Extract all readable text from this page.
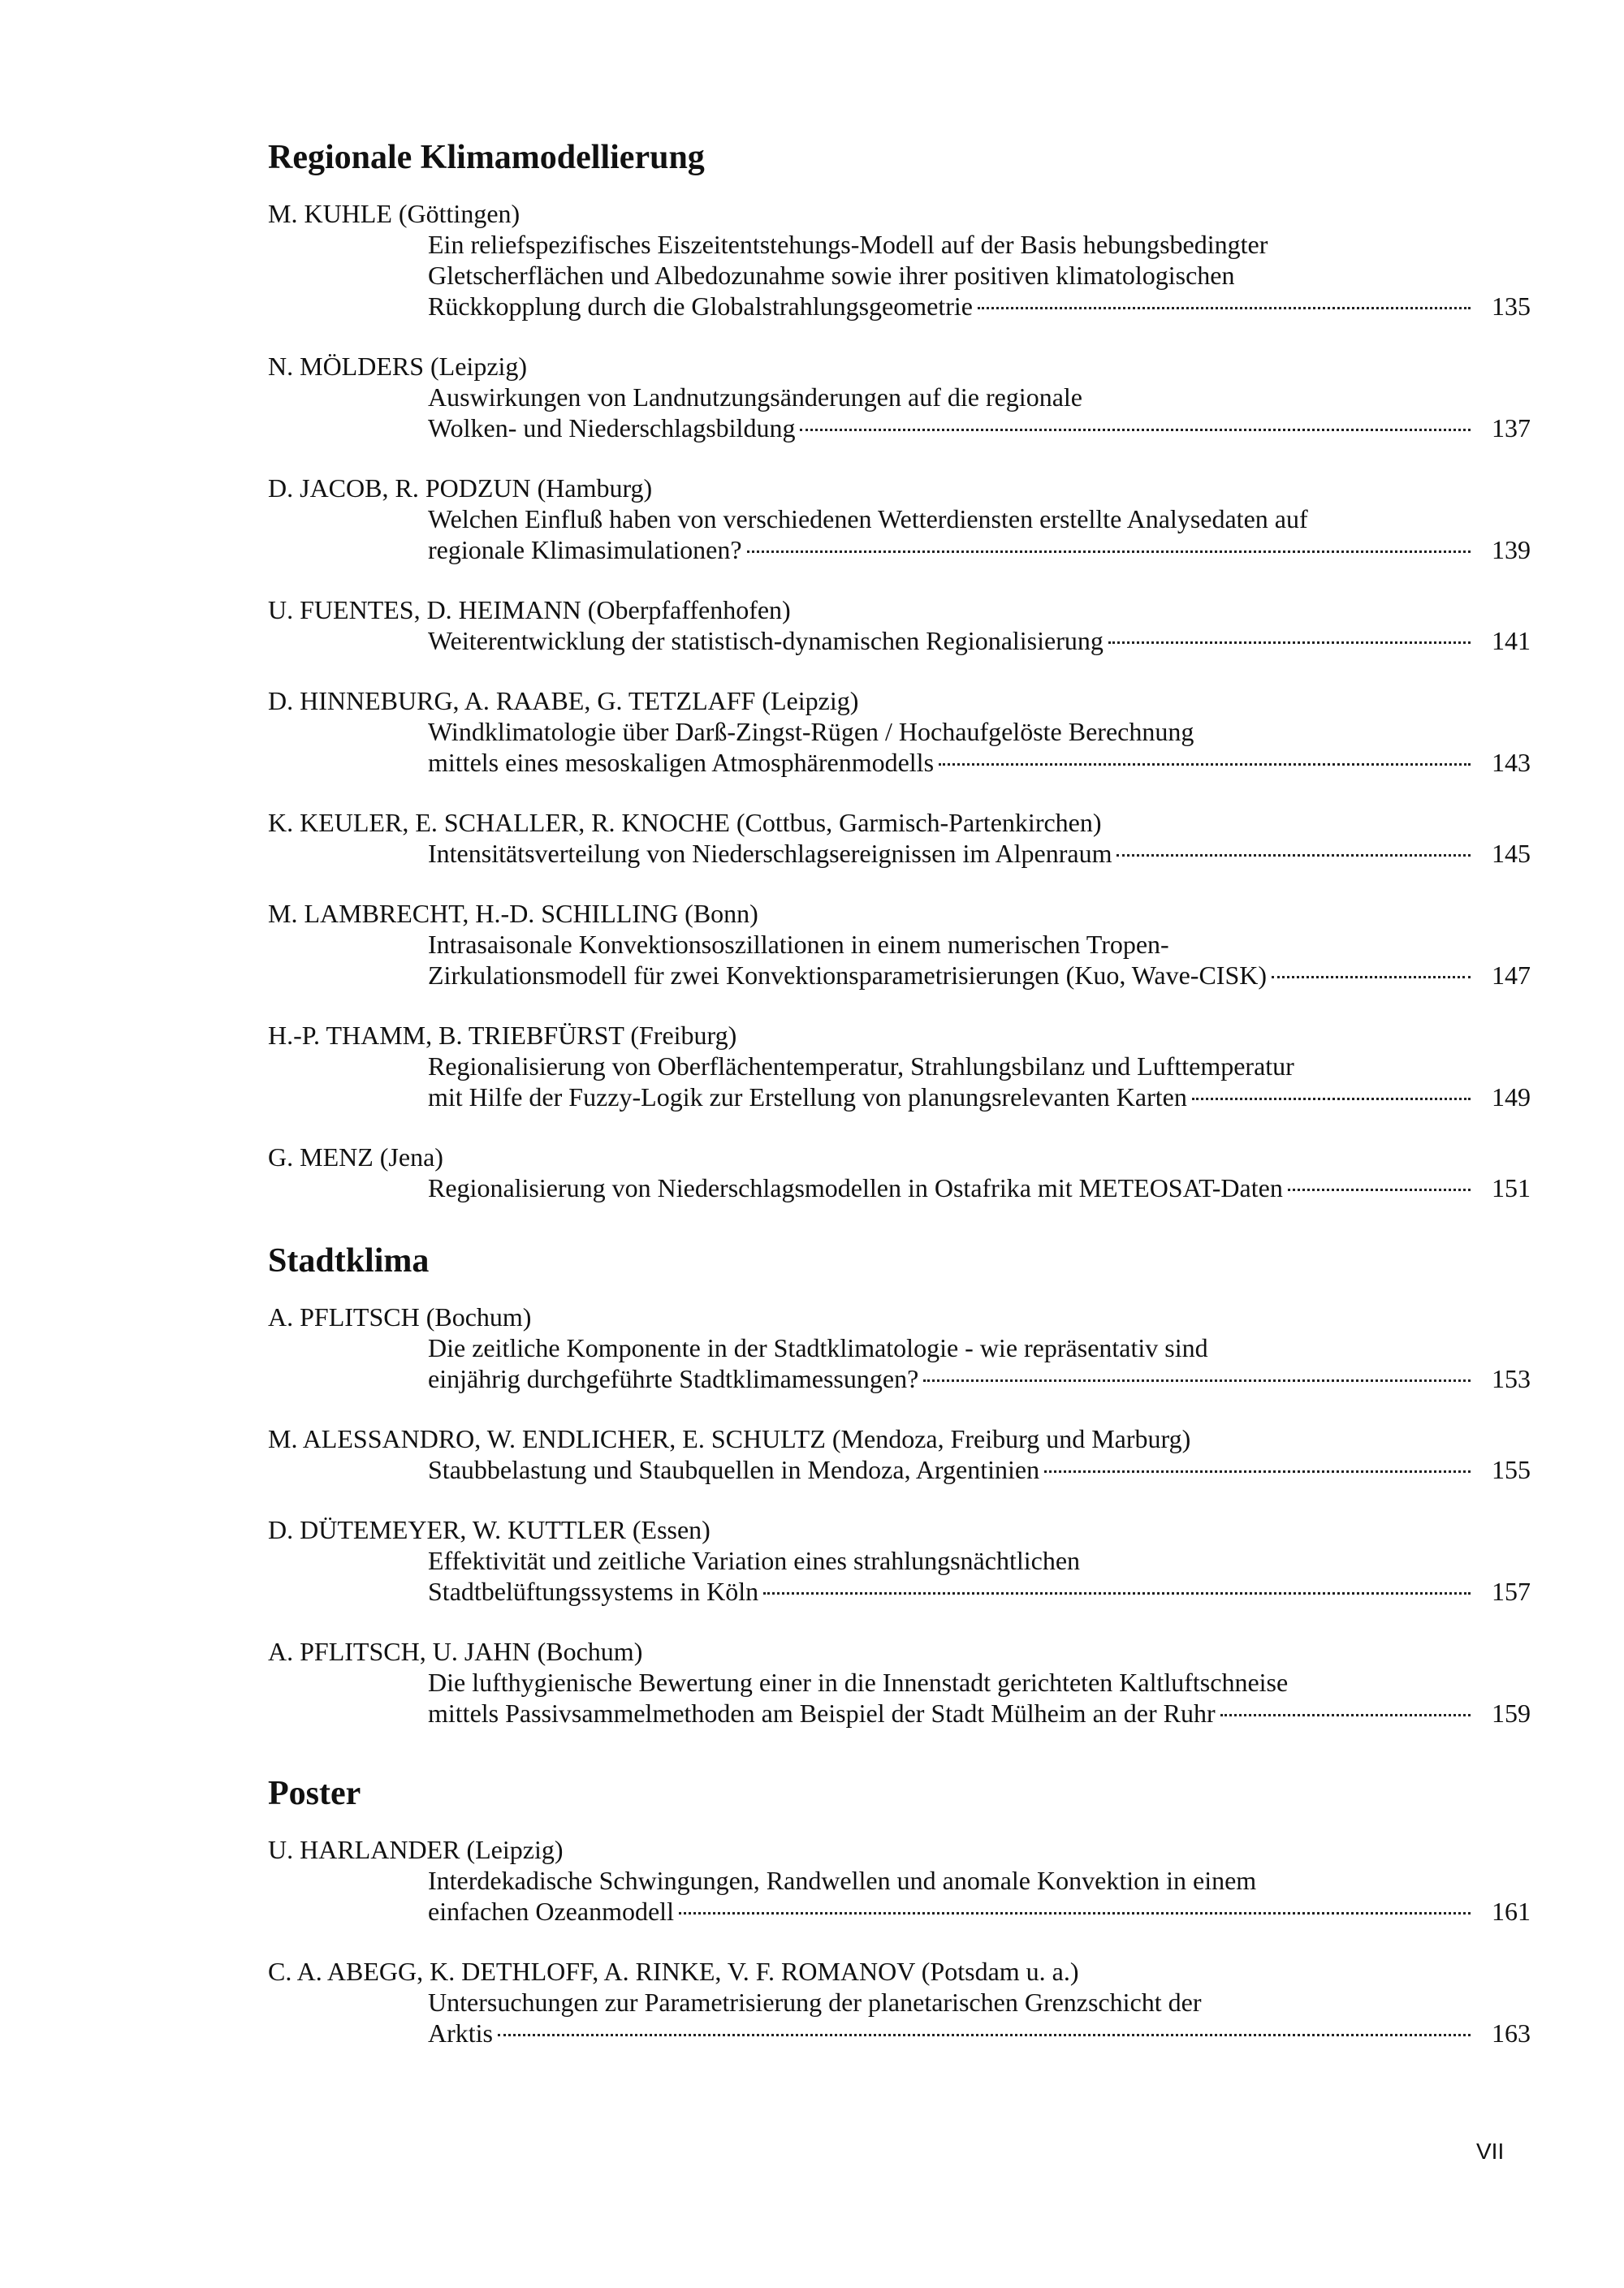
Regionale Klimamodellierung
M. KUHLE (Göttingen)
Ein reliefspezifisches Eiszeitentstehungs-Modell auf der Basis hebungsbedingter
Gletscherflächen und Albedozunahme sowie ihrer positiven klimatologischen
Rückkopplung durch die Globalstrahlungsgeometrie	135
N. MÖLDERS (Leipzig)
Auswirkungen von Landnutzungsänderungen auf die regionale
Wolken- und Niederschlagsbildung	137
D. JACOB, R. PODZUN (Hamburg)
Welchen Einfluß haben von verschiedenen Wetterdiensten erstellte Analysedaten auf
regionale Klimasimulationen?	139
U. FUENTES, D. HEIMANN (Oberpfaffenhofen)
Weiterentwicklung der statistisch-dynamischen Regionalisierung	141
D. HINNEBURG, A. RAABE, G. TETZLAFF (Leipzig)
Windklimatologie über Darß-Zingst-Rügen / Hochaufgelöste Berechnung
mittels eines mesoskaligen Atmosphärenmodells	143
K. KEULER, E. SCHALLER, R. KNOCHE (Cottbus, Garmisch-Partenkirchen)
Intensitätsverteilung von Niederschlagsereignissen im Alpenraum	145
M. LAMBRECHT, H.-D. SCHILLING (Bonn)
Intrasaisonale Konvektionsoszillationen in einem numerischen Tropen-
Zirkulationsmodell für zwei Konvektionsparametrisierungen (Kuo, Wave-CISK)	147
H.-P. THAMM, B. TRIEBFÜRST (Freiburg)
Regionalisierung von Oberflächentemperatur, Strahlungsbilanz und Lufttemperatur
mit Hilfe der Fuzzy-Logik zur Erstellung von planungsrelevanten Karten	149
G. MENZ (Jena)
Regionalisierung von Niederschlagsmodellen in Ostafrika mit METEOSAT-Daten	151
Stadtklima
A. PFLITSCH (Bochum)
Die zeitliche Komponente in der Stadtklimatologie - wie repräsentativ sind
einjährig durchgeführte Stadtklimamessungen?	153
M. ALESSANDRO, W. ENDLICHER, E. SCHULTZ (Mendoza, Freiburg und Marburg)
Staubbelastung und Staubquellen in Mendoza, Argentinien	155
D. DÜTEMEYER, W. KUTTLER (Essen)
Effektivität und zeitliche Variation eines strahlungsnächtlichen
Stadtbelüftungssystems in Köln	157
A. PFLITSCH, U. JAHN (Bochum)
Die lufthygienische Bewertung einer in die Innenstadt gerichteten Kaltluftschneise
mittels Passivsammelmethoden am Beispiel der Stadt Mülheim an der Ruhr	159
Poster
U. HARLANDER (Leipzig)
Interdekadische Schwingungen, Randwellen und anomale Konvektion in einem
einfachen Ozeanmodell	161
C. A. ABEGG, K. DETHLOFF, A. RINKE, V. F. ROMANOV (Potsdam u. a.)
Untersuchungen zur Parametrisierung der planetarischen Grenzschicht der
Arktis	163
VII
